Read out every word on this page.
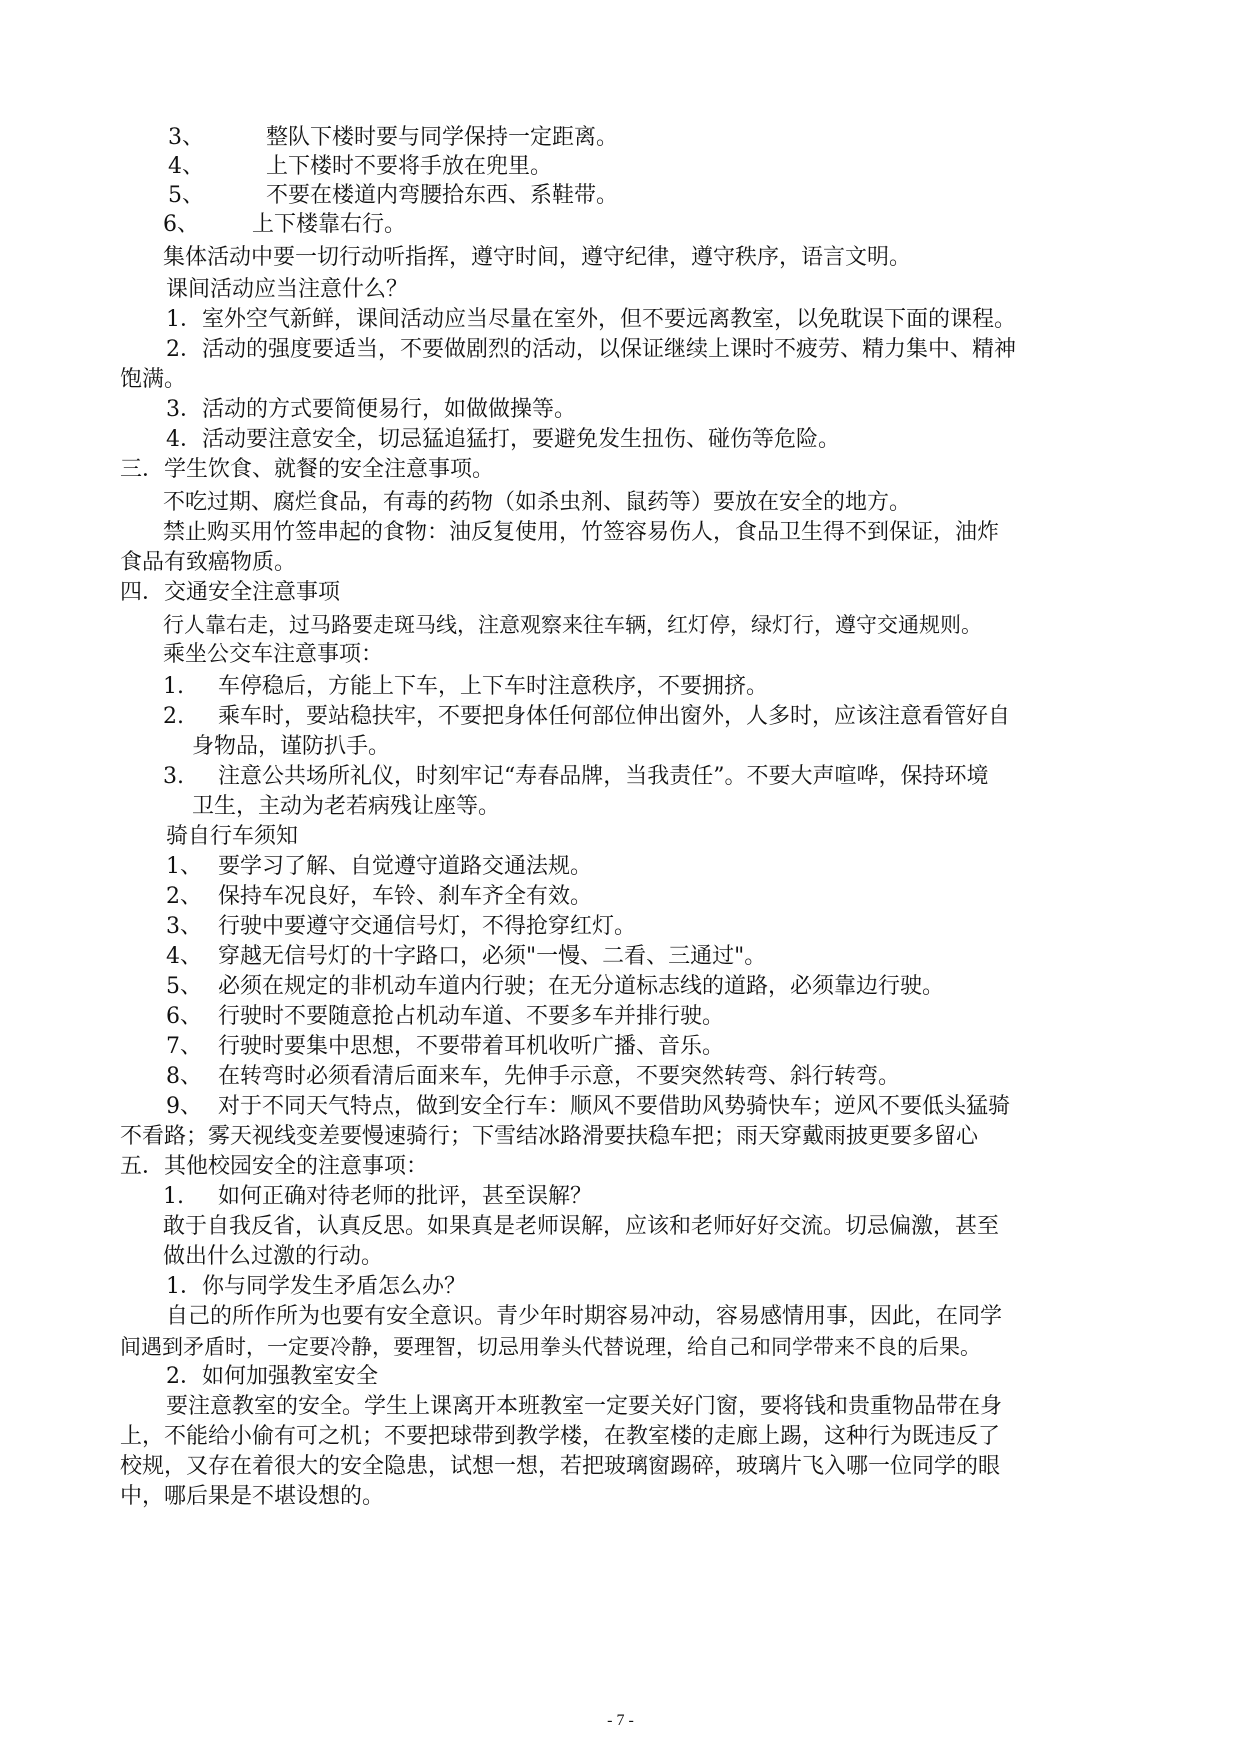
3、	整队下楼时要与同学保持一定距离。
4、	上下楼时不要将手放在兜里。
5、	不要在楼道内弯腰拾东西、系鞋带。
6、 上下楼靠右行。
集体活动中要一切行动听指挥，遵守时间，遵守纪律，遵守秩序，语言文明。
课间活动应当注意什么？
1．室外空气新鲜，课间活动应当尽量在室外，但不要远离教室，以免耽误下面的课程。
2．活动的强度要适当，不要做剧烈的活动，以保证继续上课时不疲劳、精力集中、精神
饱满。
3．活动的方式要简便易行，如做做操等。
4．活动要注意安全，切忌猛追猛打，要避免发生扭伤、碰伤等危险。
三．学生饮食、就餐的安全注意事项。
不吃过期、腐烂食品，有毒的药物（如杀虫剂、鼠药等）要放在安全的地方。
禁止购买用竹签串起的食物：油反复使用，竹签容易伤人，食品卫生得不到保证，油炸
食品有致癌物质。
四．交通安全注意事项
行人靠右走，过马路要走斑马线，注意观察来往车辆，红灯停，绿灯行，遵守交通规则。
乘坐公交车注意事项：
1. 车停稳后，方能上下车，上下车时注意秩序，不要拥挤。
2. 乘车时，要站稳扶牢，不要把身体任何部位伸出窗外，人多时，应该注意看管好自
身物品，谨防扒手。
3. 注意公共场所礼仪，时刻牢记“寿春品牌，当我责任”。不要大声喧哗，保持环境
卫生，主动为老若病残让座等。
骑自行车须知
1、 要学习了解、自觉遵守道路交通法规。
2、 保持车况良好，车铃、刹车齐全有效。
3、 行驶中要遵守交通信号灯，不得抢穿红灯。
4、 穿越无信号灯的十字路口，必须"一慢、二看、三通过"。
5、 必须在规定的非机动车道内行驶；在无分道标志线的道路，必须靠边行驶。
6、 行驶时不要随意抢占机动车道、不要多车并排行驶。
7、 行驶时要集中思想，不要带着耳机收听广播、音乐。
8、 在转弯时必须看清后面来车，先伸手示意，不要突然转弯、斜行转弯。
9、 对于不同天气特点，做到安全行车：顺风不要借助风势骑快车；逆风不要低头猛骑
不看路；雾天视线变差要慢速骑行；下雪结冰路滑要扶稳车把；雨天穿戴雨披更要多留心
五．其他校园安全的注意事项：
1. 如何正确对待老师的批评，甚至误解？
敢于自我反省，认真反思。如果真是老师误解，应该和老师好好交流。切忌偏激，甚至
做出什么过激的行动。
1．你与同学发生矛盾怎么办？
自己的所作所为也要有安全意识。青少年时期容易冲动，容易感情用事，因此，在同学
间遇到矛盾时，一定要冷静，要理智，切忌用拳头代替说理，给自己和同学带来不良的后果。
2．如何加强教室安全
要注意教室的安全。学生上课离开本班教室一定要关好门窗，要将钱和贵重物品带在身
上，不能给小偷有可之机；不要把球带到教学楼，在教室楼的走廊上踢，这种行为既违反了
校规，又存在着很大的安全隐患，试想一想，若把玻璃窗踢碎，玻璃片飞入哪一位同学的眼
中，哪后果是不堪设想的。
- 7 -
